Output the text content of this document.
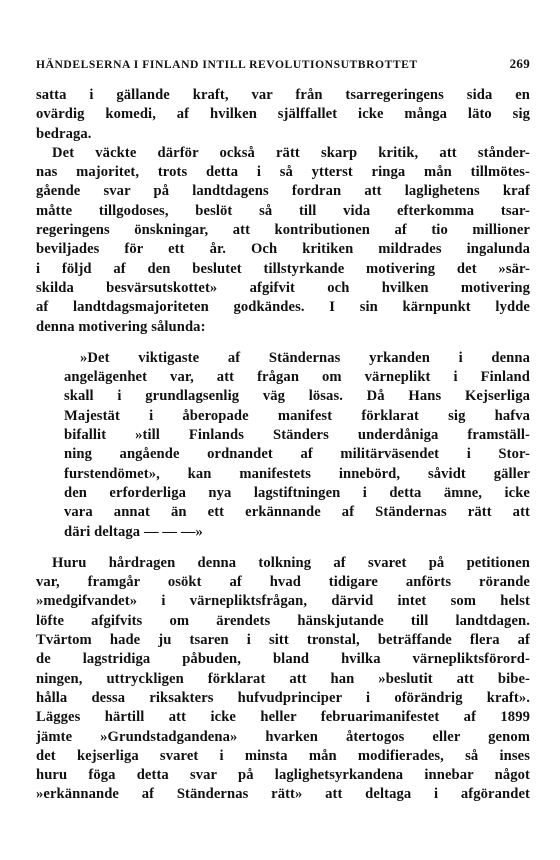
HÄNDELSERNA I FINLAND INTILL REVOLUTIONSUTBROTTET	269
satta i gällande kraft, var från tsarregeringens sida en
ovärdig komedi, af hvilken själffallet icke många läto sig
bedraga.
Det väckte därför också rätt skarp kritik, att stånder-
nas majoritet, trots detta i så ytterst ringa mån tillmötes-
gående svar på landtdagens fordran att laglighetens kraf
måtte tillgodoses, beslöt så till vida efterkomma tsar-
regeringens önskningar, att kontributionen af tio millioner
beviljades för ett år. Och kritiken mildrades ingalunda
i följd af den beslutet tillstyrkande motivering det »sär-
skilda besvärsutskottet» afgifvit och hvilken motivering
af landtdagsmajoriteten godkändes. I sin kärnpunkt lydde
denna motivering sålunda:
»Det viktigaste af Ständernas yrkanden i denna
angelägenhet var, att frågan om värneplikt i Finland
skall i grundlagsenlig väg lösas. Då Hans Kejserliga
Majestät i åberopade manifest förklarat sig hafva
bifallit »till Finlands Ständers underdåniga framställ-
ning angående ordnandet af militärväsendet i Stor-
furstendömet», kan manifestets innebörd, såvidt gäller
den erforderliga nya lagstiftningen i detta ämne, icke
vara annat än ett erkännande af Ständernas rätt att
däri deltaga — — —»
Huru hårdragen denna tolkning af svaret på petitionen
var, framgår osökt af hvad tidigare anförts rörande
»medgifvandet» i värnepliktsfrågan, därvid intet som helst
löfte afgifvits om ärendets hänskjutande till landtdagen.
Tvärtom hade ju tsaren i sitt tronstal, beträffande flera af
de lagstridiga påbuden, bland hvilka värnepliktsförord-
ningen, uttryckligen förklarat att han »beslutit att bibe-
hålla dessa riksakters hufvudprinciper i oförändrig kraft».
Lägges härtill att icke heller februarimanifestet af 1899
jämte »Grundstadgandena» hvarken återtogos eller genom
det kejserliga svaret i minsta mån modifierades, så inses
huru föga detta svar på laglighetsyrkandena innebar något
»erkännande af Ständernas rätt» att deltaga i afgörandet
